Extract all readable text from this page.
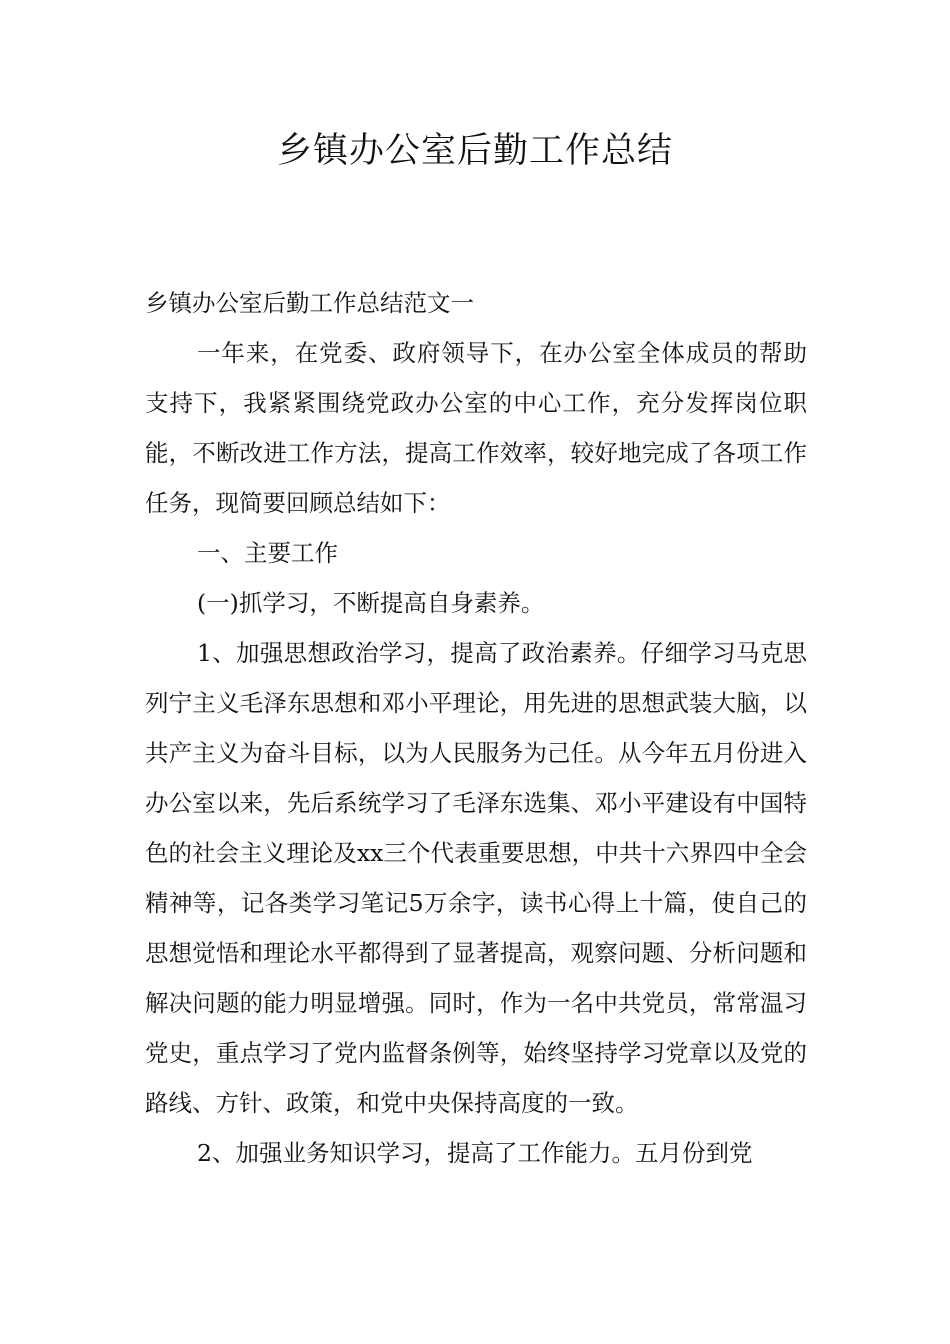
乡镇办公室后勤工作总结

乡镇办公室后勤工作总结范文一

一年来，在党委、政府领导下，在办公室全体成员的帮助支持下，我紧紧围绕党政办公室的中心工作，充分发挥岗位职能，不断改进工作方法，提高工作效率，较好地完成了各项工作任务，现简要回顾总结如下：

一、主要工作

(一)抓学习，不断提高自身素养。

1、加强思想政治学习，提高了政治素养。仔细学习马克思列宁主义毛泽东思想和邓小平理论，用先进的思想武装大脑，以共产主义为奋斗目标，以为人民服务为己任。从今年五月份进入办公室以来，先后系统学习了毛泽东选集、邓小平建设有中国特色的社会主义理论及xx三个代表重要思想，中共十六界四中全会精神等，记各类学习笔记5万余字，读书心得上十篇，使自己的思想觉悟和理论水平都得到了显著提高，观察问题、分析问题和解决问题的能力明显增强。同时，作为一名中共党员，常常温习党史，重点学习了党内监督条例等，始终坚持学习党章以及党的路线、方针、政策，和党中央保持高度的一致。

2、加强业务知识学习，提高了工作能力。五月份到党
